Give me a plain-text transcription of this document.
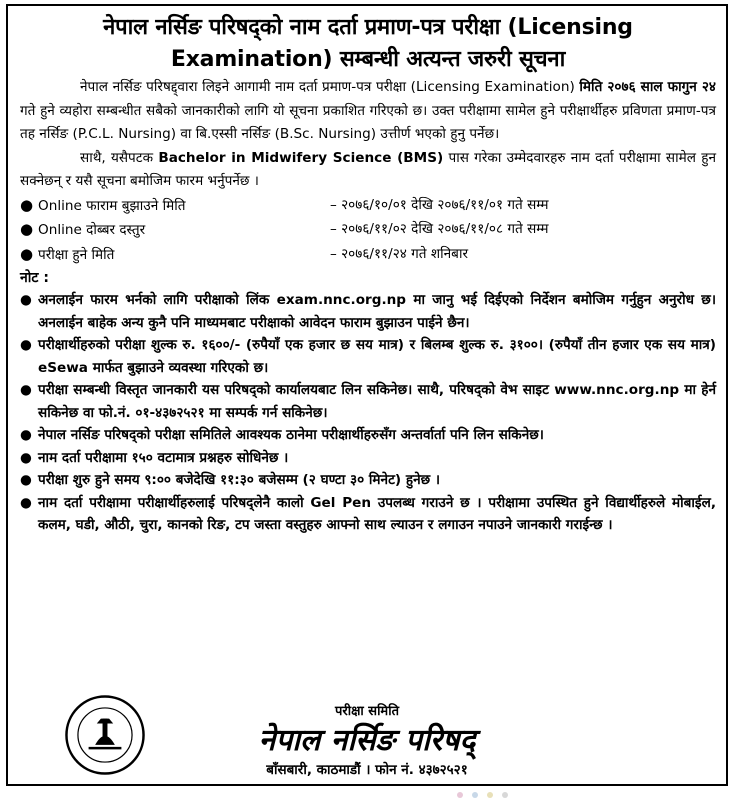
नेपाल नर्सिङ परिषद्को नाम दर्ता प्रमाण-पत्र परीक्षा (Licensing Examination) सम्बन्धी अत्यन्त जरुरी सूचना
नेपाल नर्सिङ परिषद्द्वारा लिइने आगामी नाम दर्ता प्रमाण-पत्र परीक्षा (Licensing Examination) मिति २०७६ साल फागुन २४ गते हुने व्यहोरा सम्बन्धीत सबैको जानकारीको लागि यो सूचना प्रकाशित गरिएको छ। उक्त परीक्षामा सामेल हुने परीक्षार्थीहरु प्रविणता प्रमाण-पत्र तह नर्सिङ (P.C.L. Nursing) वा बि.एस्सी नर्सिङ (B.Sc. Nursing) उत्तीर्ण भएको हुनु पर्नेछ।
साथै, यसैपटक Bachelor in Midwifery Science (BMS) पास गरेका उम्मेदवारहरु नाम दर्ता परीक्षामा सामेल हुन सक्नेछन् र यसै सूचना बमोजिम फारम भर्नुपर्नेछ ।
● Online फाराम बुझाउने मिति	– २०७६/१०/०१ देखि २०७६/११/०१ गते सम्म
● Online दोब्बर दस्तुर	– २०७६/११/०२ देखि २०७६/११/०८ गते सम्म
● परीक्षा हुने मिति	– २०७६/११/२४ गते शनिबार
नोट :
● अनलाईन फारम भर्नको लागि परीक्षाको लिंक exam.nnc.org.np मा जानु भई दिईएको निर्देशन बमोजिम गर्नुहुन अनुरोध छ। अनलाईन बाहेक अन्य कुनै पनि माध्यमबाट परीक्षाको आवेदन फाराम बुझाउन पाईने छैन।
● परीक्षार्थीहरुको परीक्षा शुल्क रु. १६००/- (रुपैयाँ एक हजार छ सय मात्र) र बिलम्ब शुल्क रु. ३१००। (रुपैयाँ तीन हजार एक सय मात्र) eSewa मार्फत बुझाउने व्यवस्था गरिएको छ।
● परीक्षा सम्बन्धी विस्तृत जानकारी यस परिषद्को कार्यालयबाट लिन सकिनेछ। साथै, परिषद्को वेभ साइट www.nnc.org.np मा हेर्न सकिनेछ वा फो.नं. ०१-४३७२५२१ मा सम्पर्क गर्न सकिनेछ।
● नेपाल नर्सिङ परिषद्को परीक्षा समितिले आवश्यक ठानेमा परीक्षार्थीहरुसँग अन्तर्वार्ता पनि लिन सकिनेछ।
● नाम दर्ता परीक्षामा १५० वटामात्र प्रश्नहरु सोधिनेछ ।
● परीक्षा शुरु हुने समय ९:०० बजेदेखि ११:३० बजेसम्म (२ घण्टा ३० मिनेट) हुनेछ ।
● नाम दर्ता परीक्षामा परीक्षार्थीहरुलाई परिषद्लेनै कालो Gel Pen उपलब्ध गराउने छ । परीक्षामा उपस्थित हुने विद्यार्थीहरुले मोबाईल, कलम, घडी, औठी, चुरा, कानको रिङ, टप जस्ता वस्तुहरु आफ्नो साथ ल्याउन र लगाउन नपाउने जानकारी गराईन्छ ।
परीक्षा समिति
नेपाल नर्सिङ परिषद्
बाँसबारी, काठमाडौं । फोन नं. ४३७२५२१
